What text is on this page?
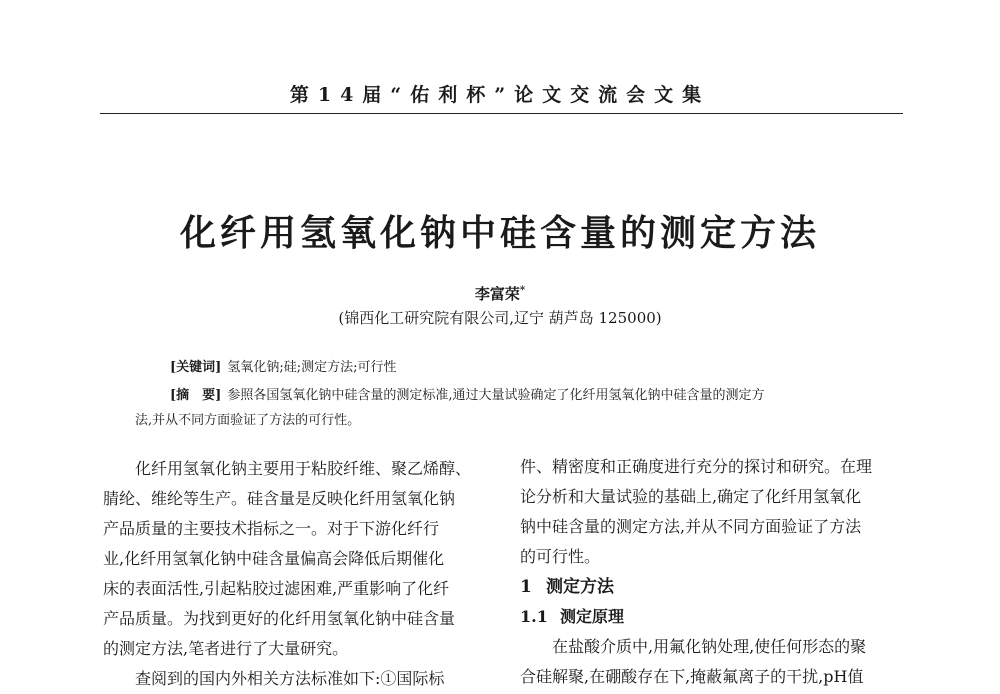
第14届“佑利杯”论文交流会文集
化纤用氢氧化钠中硅含量的测定方法
李富荣*
(锦西化工研究院有限公司,辽宁 葫芦岛 125000)
[关键词] 氢氧化钠;硅;测定方法;可行性
[摘　要] 参照各国氢氧化钠中硅含量的测定标准,通过大量试验确定了化纤用氢氧化钠中硅含量的测定方
法,并从不同方面验证了方法的可行性。
化纤用氢氧化钠主要用于粘胶纤维、聚乙烯醇、
腈纶、维纶等生产。硅含量是反映化纤用氢氧化钠
产品质量的主要技术指标之一。对于下游化纤行
业,化纤用氢氧化钠中硅含量偏高会降低后期催化
床的表面活性,引起粘胶过滤困难,严重影响了化纤
产品质量。为找到更好的化纤用氢氧化钠中硅含量
的测定方法,笔者进行了大量研究。
查阅到的国内外相关方法标准如下:①国际标
件、精密度和正确度进行充分的探讨和研究。在理
论分析和大量试验的基础上,确定了化纤用氢氧化
钠中硅含量的测定方法,并从不同方面验证了方法
的可行性。
1 测定方法
1.1 测定原理
在盐酸介质中,用氟化钠处理,使任何形态的聚
合硅解聚,在硼酸存在下,掩蔽氟离子的干扰,pH值
